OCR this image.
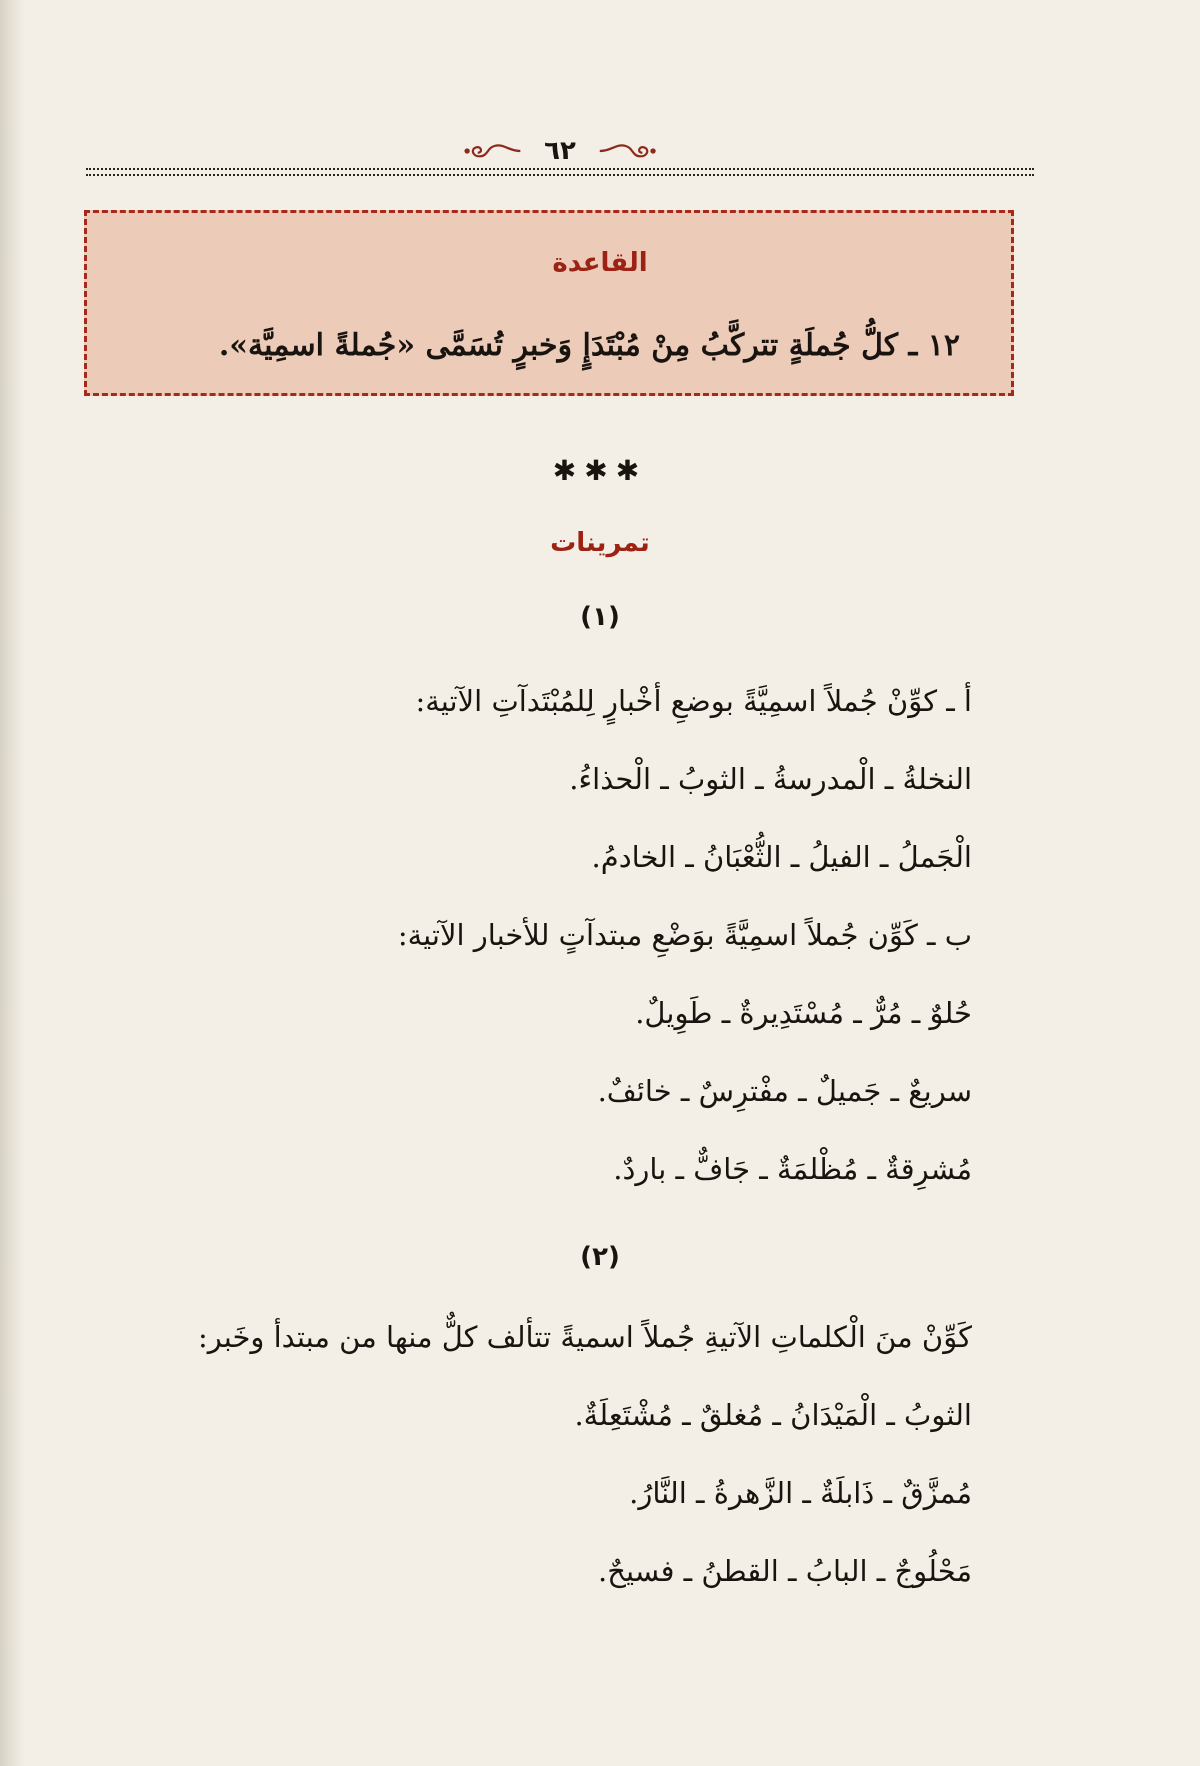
٦٢
القاعدة
١٢ ـ كلُّ جُملَةٍ تتركَّبُ مِنْ مُبْتَدَإٍ وَخبرٍ تُسَمَّى «جُملةً اسمِيَّة».
✱✱✱
تمرينات
(١)
أ ـ كوِّنْ جُملاً اسمِيَّةً بوضعِ أخْبارٍ لِلمُبْتَدآتِ الآتية:
النخلةُ ـ الْمدرسةُ ـ الثوبُ ـ الْحذاءُ.
الْجَملُ ـ الفيلُ ـ الثُّعْبَانُ ـ الخادمُ.
ب ـ كَوِّن جُملاً اسمِيَّةً بوَضْعِ مبتدآتٍ للأخبار الآتية:
حُلوٌ ـ مُرٌّ ـ مُسْتَدِيرةٌ ـ طَوِيلٌ.
سريعٌ ـ جَميلٌ ـ مفْترِسٌ ـ خائفٌ.
مُشرِقةٌ ـ مُظْلمَةٌ ـ جَافٌّ ـ باردٌ.
(٢)
كَوِّنْ منَ الْكلماتِ الآتيةِ جُملاً اسميةً تتألف كلٌّ منها من مبتدأ وخَبر:
الثوبُ ـ الْمَيْدَانُ ـ مُغلقٌ ـ مُشْتَعِلَةٌ.
مُمزَّقٌ ـ ذَابلَةٌ ـ الزَّهرةُ ـ النَّارُ.
مَحْلُوجٌ ـ البابُ ـ القطنُ ـ فسيحٌ.
